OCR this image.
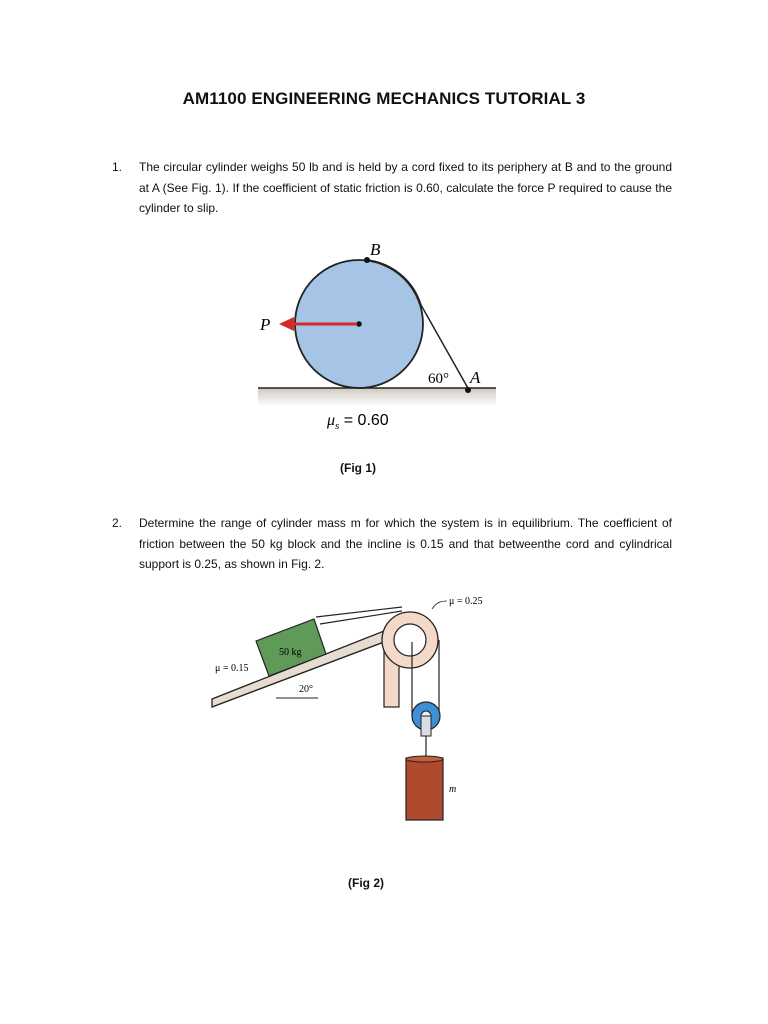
AM1100 ENGINEERING MECHANICS TUTORIAL 3
1. The circular cylinder weighs 50 lb and is held by a cord fixed to its periphery at B and to the ground at A (See Fig. 1). If the coefficient of static friction is 0.60, calculate the force P required to cause the cylinder to slip.
B
P
A
60°
$\mu_s = 0.60$
(Fig 1)
2. Determine the range of cylinder mass m for which the system is in equilibrium. The coefficient of friction between the 50 kg block and the incline is 0.15 and that betweenthe cord and cylindrical support is 0.25, as shown in Fig. 2.
50 kg
m
μ = 0.25
μ = 0.15
20°
(Fig 2)
